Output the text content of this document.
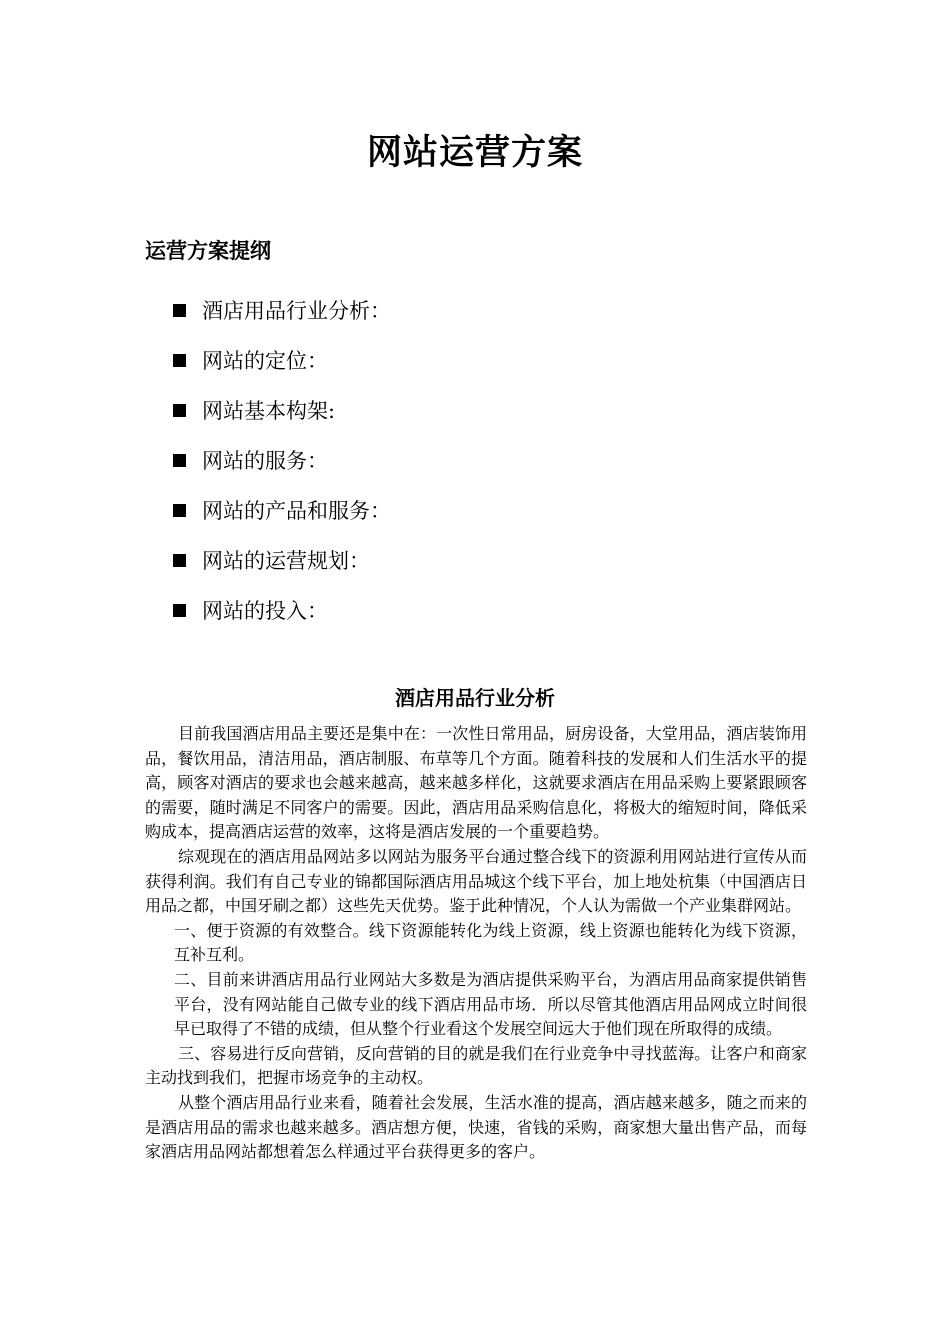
网站运营方案
运营方案提纲
酒店用品行业分析：
网站的定位：
网站基本构架:
网站的服务：
网站的产品和服务：
网站的运营规划：
网站的投入：
酒店用品行业分析

目前我国酒店用品主要还是集中在：一次性日常用品，厨房设备，大堂用品，酒店装饰用品，餐饮用品，清洁用品，酒店制服、布草等几个方面。随着科技的发展和人们生活水平的提高，顾客对酒店的要求也会越来越高，越来越多样化，这就要求酒店在用品采购上要紧跟顾客的需要，随时满足不同客户的需要。因此，酒店用品采购信息化，将极大的缩短时间，降低采购成本，提高酒店运营的效率，这将是酒店发展的一个重要趋势。

综观现在的酒店用品网站多以网站为服务平台通过整合线下的资源利用网站进行宣传从而获得利润。我们有自己专业的锦都国际酒店用品城这个线下平台，加上地处杭集（中国酒店日用品之都，中国牙刷之都）这些先天优势。鉴于此种情况，个人认为需做一个产业集群网站。

一、便于资源的有效整合。线下资源能转化为线上资源，线上资源也能转化为线下资源，互补互利。

二、目前来讲酒店用品行业网站大多数是为酒店提供采购平台，为酒店用品商家提供销售平台，没有网站能自己做专业的线下酒店用品市场．所以尽管其他酒店用品网成立时间很早已取得了不错的成绩，但从整个行业看这个发展空间远大于他们现在所取得的成绩。

三、容易进行反向营销，反向营销的目的就是我们在行业竞争中寻找蓝海。让客户和商家主动找到我们，把握市场竞争的主动权。

从整个酒店用品行业来看，随着社会发展，生活水准的提高，酒店越来越多，随之而来的是酒店用品的需求也越来越多。酒店想方便，快速，省钱的采购，商家想大量出售产品，而每家酒店用品网站都想着怎么样通过平台获得更多的客户。
